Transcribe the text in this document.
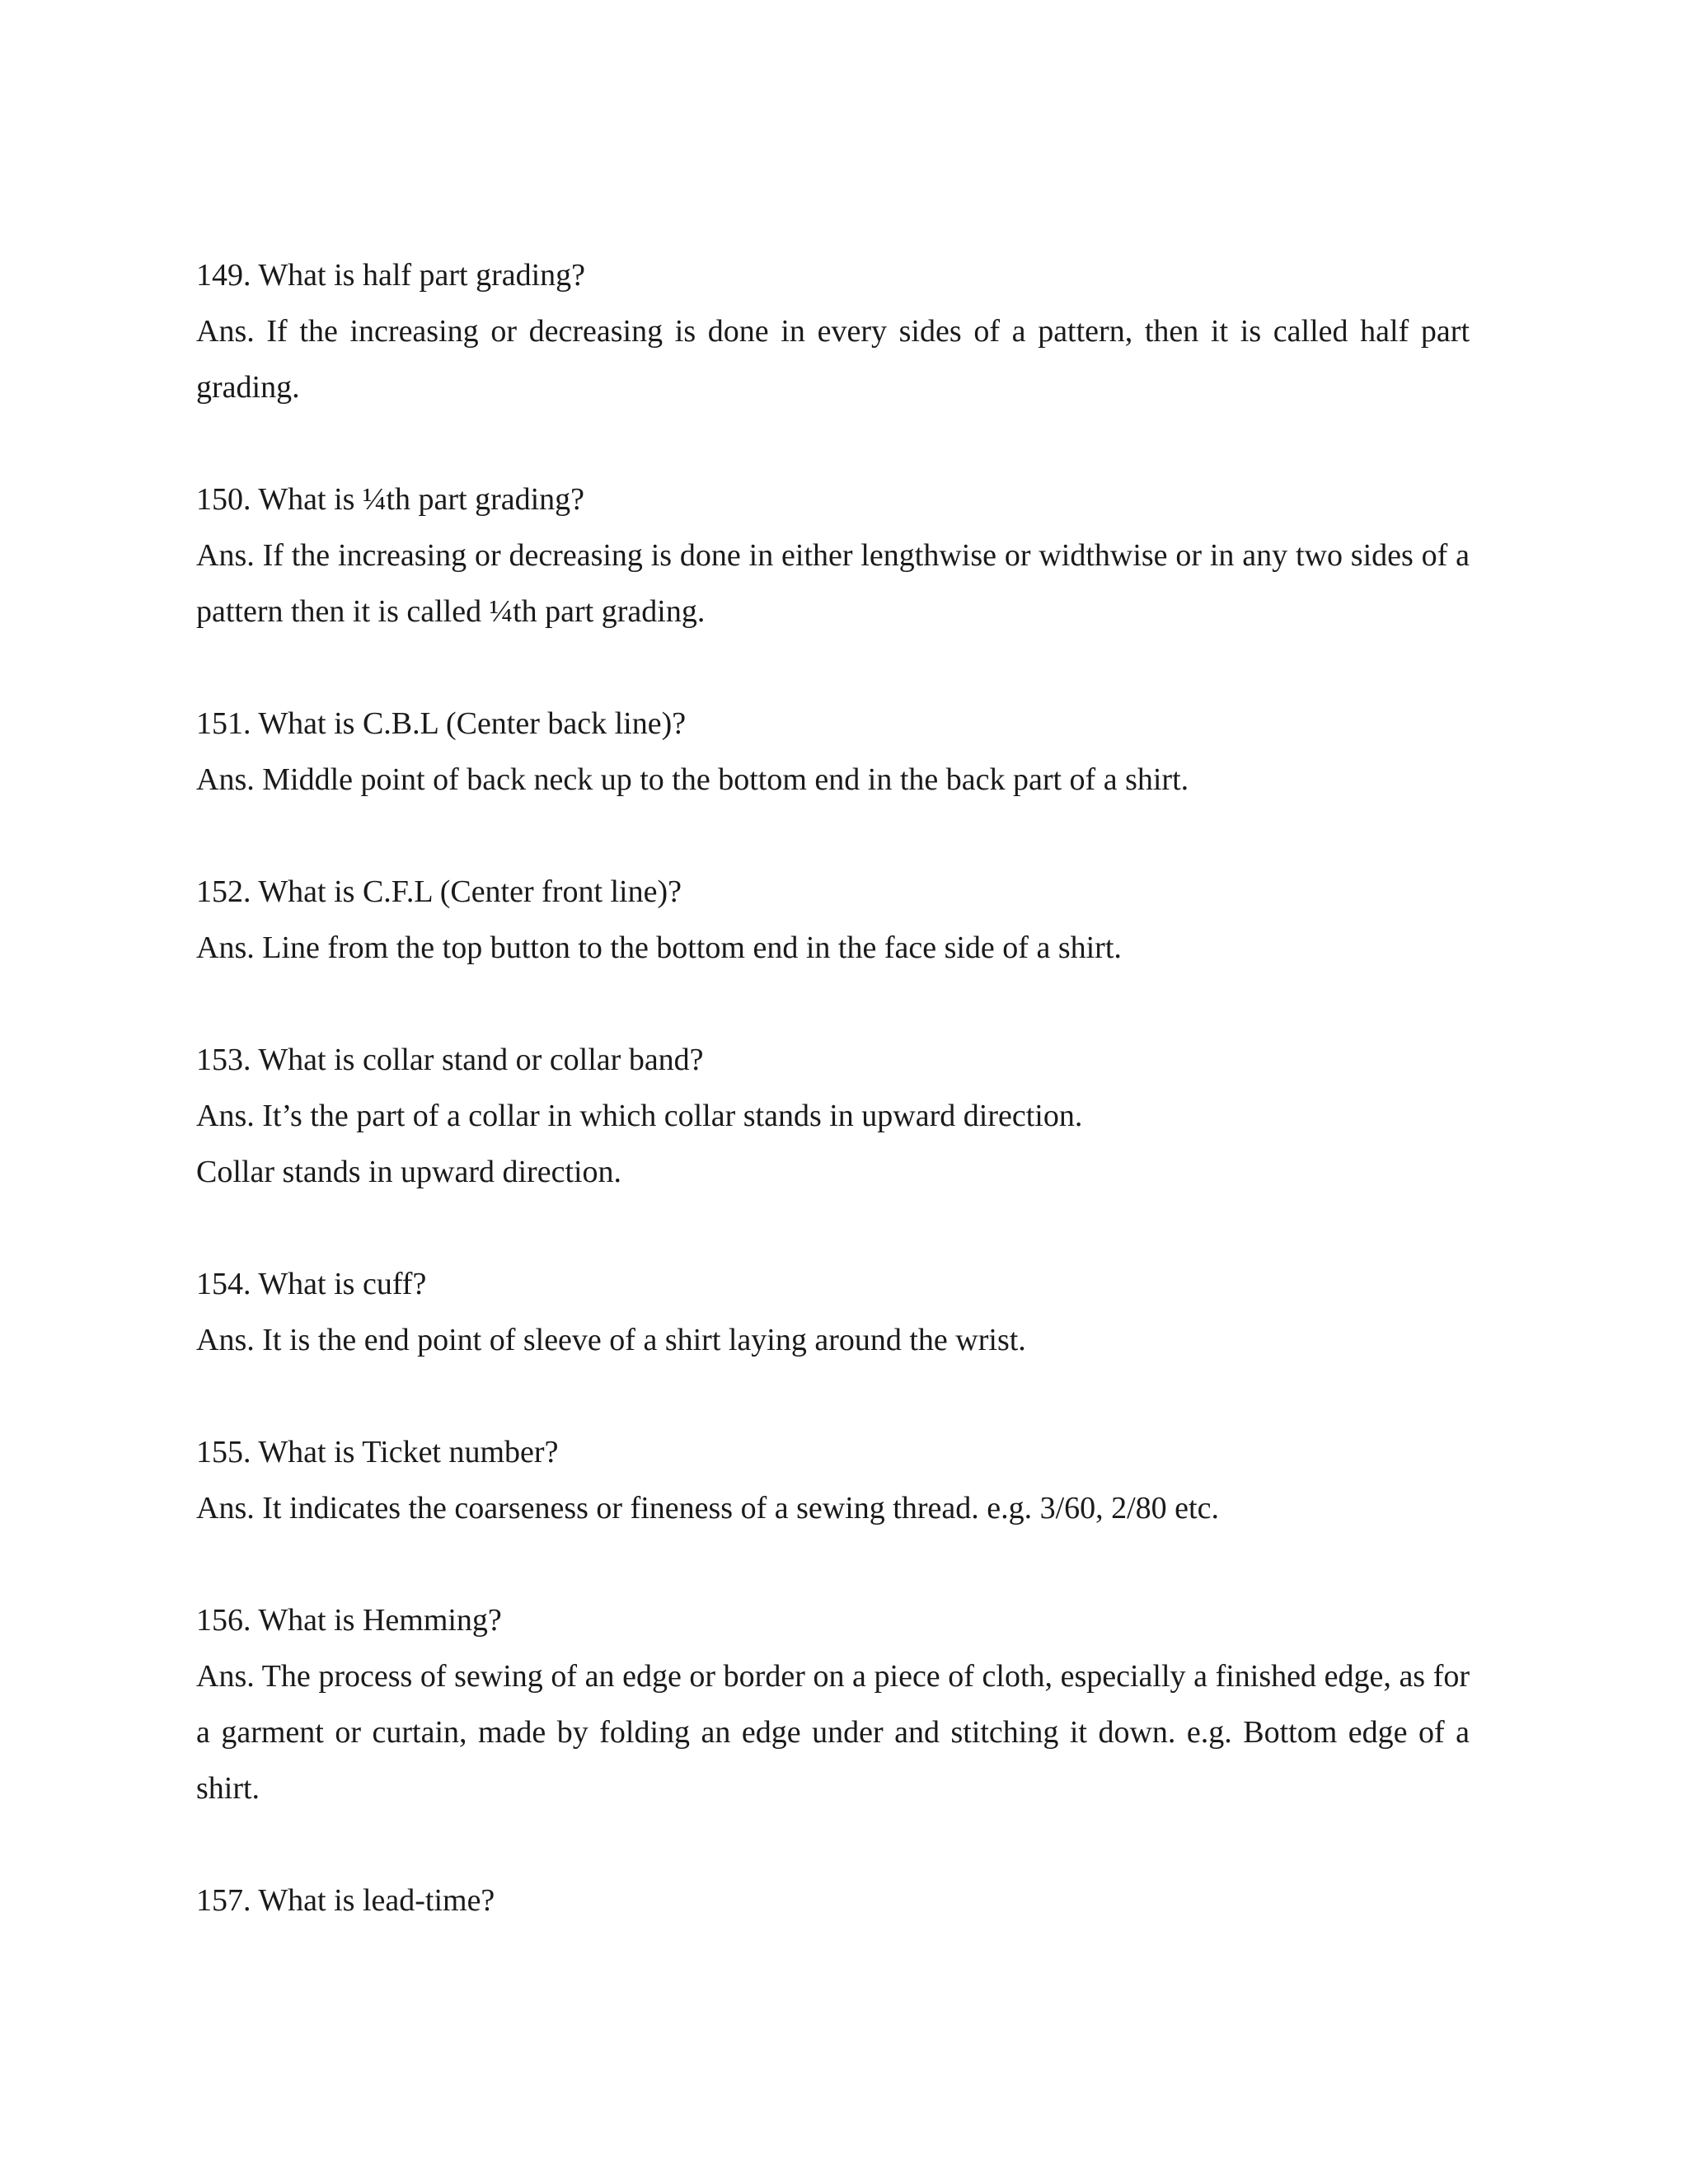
149. What is half part grading?

Ans. If the increasing or decreasing is done in every sides of a pattern, then it is called half part grading.

150. What is ¼th part grading?

Ans. If the increasing or decreasing is done in either lengthwise or widthwise or in any two sides of a pattern then it is called ¼th part grading.

151. What is C.B.L (Center back line)?

Ans. Middle point of back neck up to the bottom end in the back part of a shirt.

152. What is C.F.L (Center front line)?

Ans. Line from the top button to the bottom end in the face side of a shirt.

153. What is collar stand or collar band?

Ans. It’s the part of a collar in which collar stands in upward direction.

Collar stands in upward direction.

154. What is cuff?

Ans. It is the end point of sleeve of a shirt laying around the wrist.

155. What is Ticket number?

Ans. It indicates the coarseness or fineness of a sewing thread. e.g. 3/60, 2/80 etc.

156. What is Hemming?

Ans. The process of sewing of an edge or border on a piece of cloth, especially a finished edge, as for a garment or curtain, made by folding an edge under and stitching it down. e.g. Bottom edge of a shirt.

157. What is lead-time?
